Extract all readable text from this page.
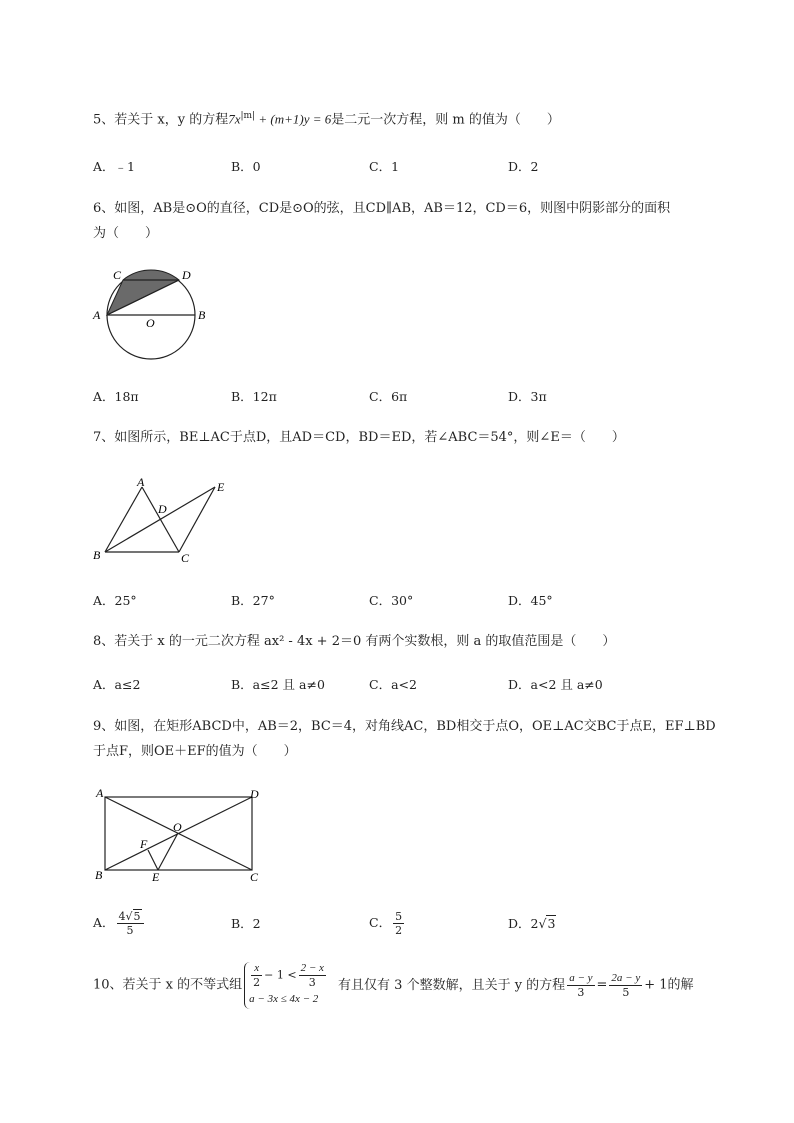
5、若关于 x，y 的方程$7x^{|m|} + (m+1)y = 6$是二元一次方程，则 m 的值为（　　）
A．﹣1	B．0	C．1	D．2
6、如图，AB是⊙O的直径，CD是⊙O的弦，且CD∥AB，AB＝12，CD＝6，则图中阴影部分的面积
为（　　）
C	D
A
O
B
A．18π	B．12π	C．6π	D．3π
7、如图所示，BE⊥AC于点D，且AD＝CD，BD＝ED，若∠ABC＝54°，则∠E＝（　　）
A
D
E
B	C
A．25°	B．27°	C．30°	D．45°
8、若关于 x 的一元二次方程 ax² - 4x + 2＝0 有两个实数根，则 a 的取值范围是（　　）
A．a≤2	B．a≤2 且 a≠0	C．a<2	D．a<2 且 a≠0
9、如图，在矩形ABCD中，AB＝2，BC＝4，对角线AC，BD相交于点O，OE⊥AC交BC于点E，EF⊥BD
于点F，则OE＋EF的值为（　　）
A	D
O
F
B	E	C
A． $\frac{4√5}{5}$	B．2	C． $\frac{5}{2}$	D．2√3
10、若关于 x 的不等式组 $\frac{x}{2} - 1 < \frac{2 - x}{3}$
a − 3x ≤ 4x − 2
有且仅有 3 个整数解，且关于 y 的方程 $\frac{a - y}{3} = \frac{2a - y}{5} + 1$的解
